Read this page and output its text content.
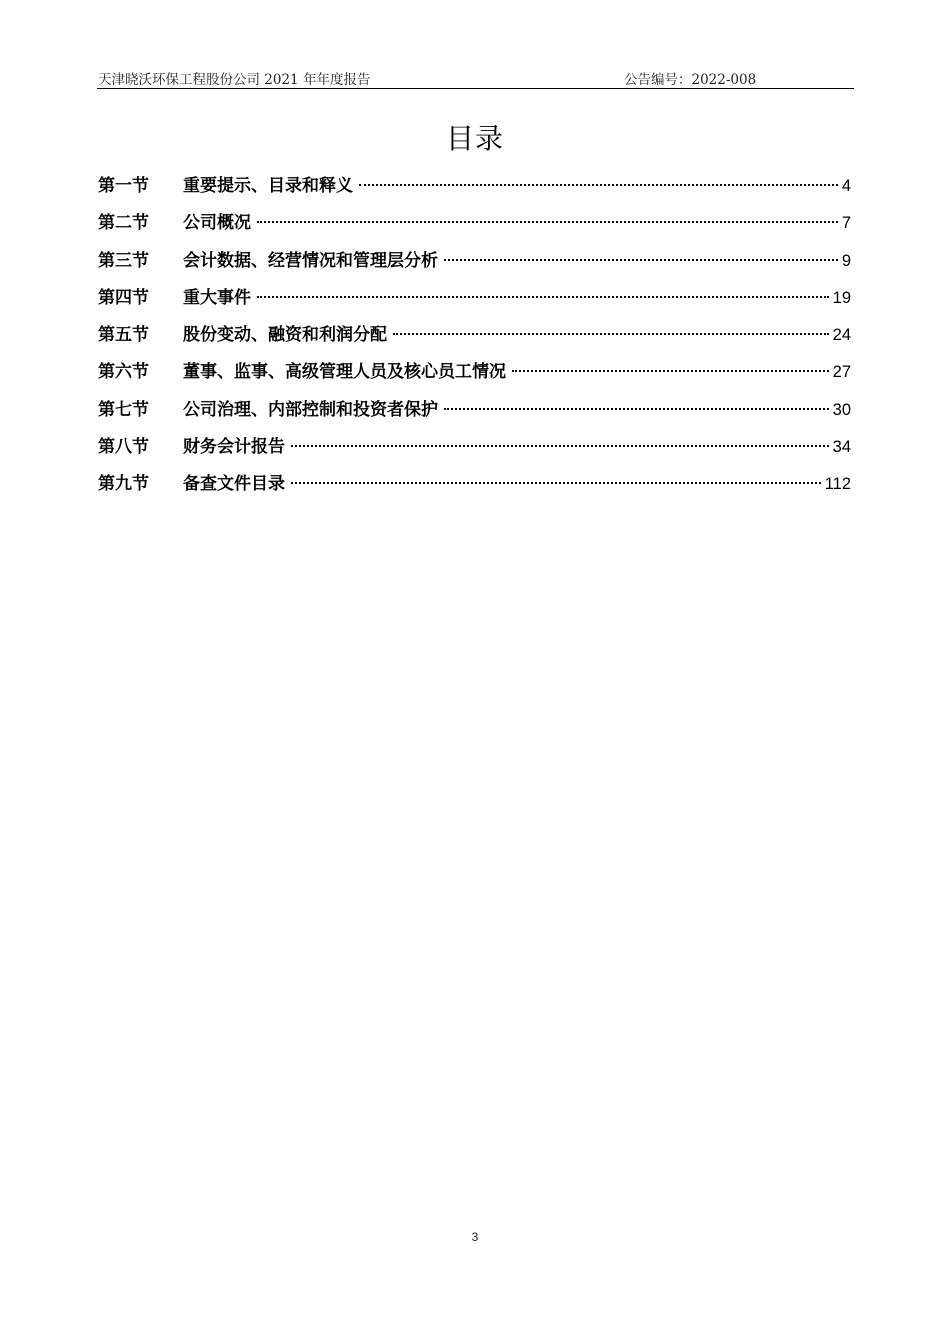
天津晓沃环保工程股份公司 2021 年年度报告	公告编号：2022-008
目录
第一节	重要提示、目录和释义	4
第二节	公司概况	7
第三节	会计数据、经营情况和管理层分析	9
第四节	重大事件	19
第五节	股份变动、融资和利润分配	24
第六节	董事、监事、高级管理人员及核心员工情况	27
第七节	公司治理、内部控制和投资者保护	30
第八节	财务会计报告	34
第九节	备查文件目录	112
3
